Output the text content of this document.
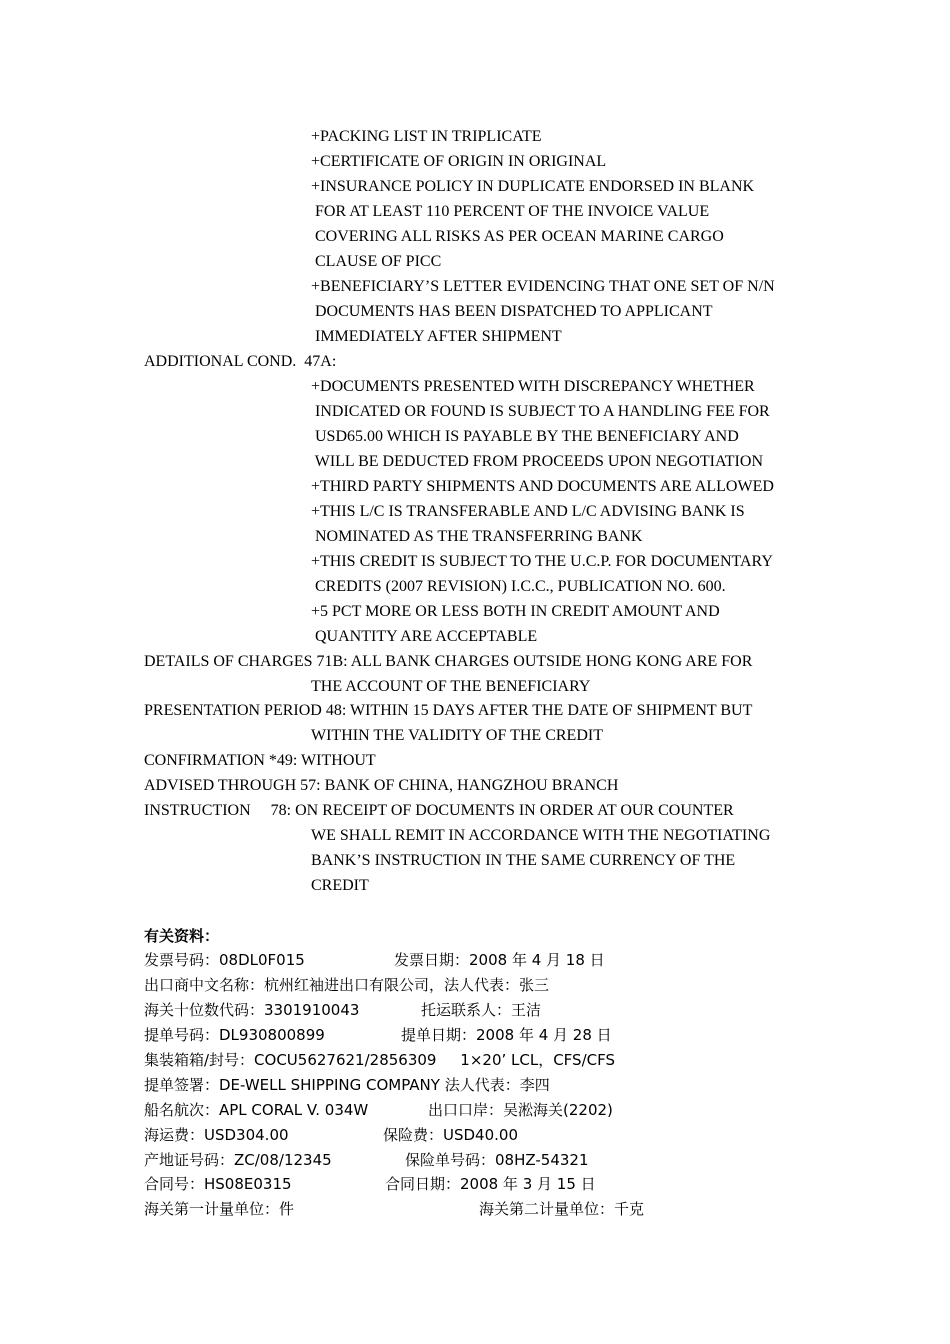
+PACKING LIST IN TRIPLICATE
+CERTIFICATE OF ORIGIN IN ORIGINAL
+INSURANCE POLICY IN DUPLICATE ENDORSED IN BLANK
FOR AT LEAST 110 PERCENT OF THE INVOICE VALUE
COVERING ALL RISKS AS PER OCEAN MARINE CARGO
CLAUSE OF PICC
+BENEFICIARY’S LETTER EVIDENCING THAT ONE SET OF N/N
DOCUMENTS HAS BEEN DISPATCHED TO APPLICANT
IMMEDIATELY AFTER SHIPMENT
ADDITIONAL COND.  47A:
+DOCUMENTS PRESENTED WITH DISCREPANCY WHETHER
INDICATED OR FOUND IS SUBJECT TO A HANDLING FEE FOR
USD65.00 WHICH IS PAYABLE BY THE BENEFICIARY AND
WILL BE DEDUCTED FROM PROCEEDS UPON NEGOTIATION
+THIRD PARTY SHIPMENTS AND DOCUMENTS ARE ALLOWED
+THIS L/C IS TRANSFERABLE AND L/C ADVISING BANK IS
NOMINATED AS THE TRANSFERRING BANK
+THIS CREDIT IS SUBJECT TO THE U.C.P. FOR DOCUMENTARY
CREDITS (2007 REVISION) I.C.C., PUBLICATION NO. 600.
+5 PCT MORE OR LESS BOTH IN CREDIT AMOUNT AND
QUANTITY ARE ACCEPTABLE
DETAILS OF CHARGES 71B: ALL BANK CHARGES OUTSIDE HONG KONG ARE FOR
THE ACCOUNT OF THE BENEFICIARY
PRESENTATION PERIOD 48: WITHIN 15 DAYS AFTER THE DATE OF SHIPMENT BUT
WITHIN THE VALIDITY OF THE CREDIT
CONFIRMATION *49: WITHOUT
ADVISED THROUGH 57: BANK OF CHINA, HANGZHOU BRANCH
INSTRUCTION     78: ON RECEIPT OF DOCUMENTS IN ORDER AT OUR COUNTER
WE SHALL REMIT IN ACCORDANCE WITH THE NEGOTIATING
BANK’S INSTRUCTION IN THE SAME CURRENCY OF THE
CREDIT
有关资料：
发票号码：08DL0F015	发票日期：2008 年 4 月 18 日
出口商中文名称：杭州红袖进出口有限公司，法人代表：张三
海关十位数代码：3301910043	托运联系人：王洁
提单号码：DL930800899	提单日期：2008 年 4 月 28 日
集装箱箱/封号：COCU5627621/2856309     1×20’ LCL，CFS/CFS
提单签署：DE-WELL SHIPPING COMPANY 法人代表：李四
船名航次：APL CORAL V. 034W	出口口岸：吴淞海关(2202)
海运费：USD304.00	保险费：USD40.00
产地证号码：ZC/08/12345	保险单号码：08HZ-54321
合同号：HS08E0315	合同日期：2008 年 3 月 15 日
海关第一计量单位：件	海关第二计量单位：千克
